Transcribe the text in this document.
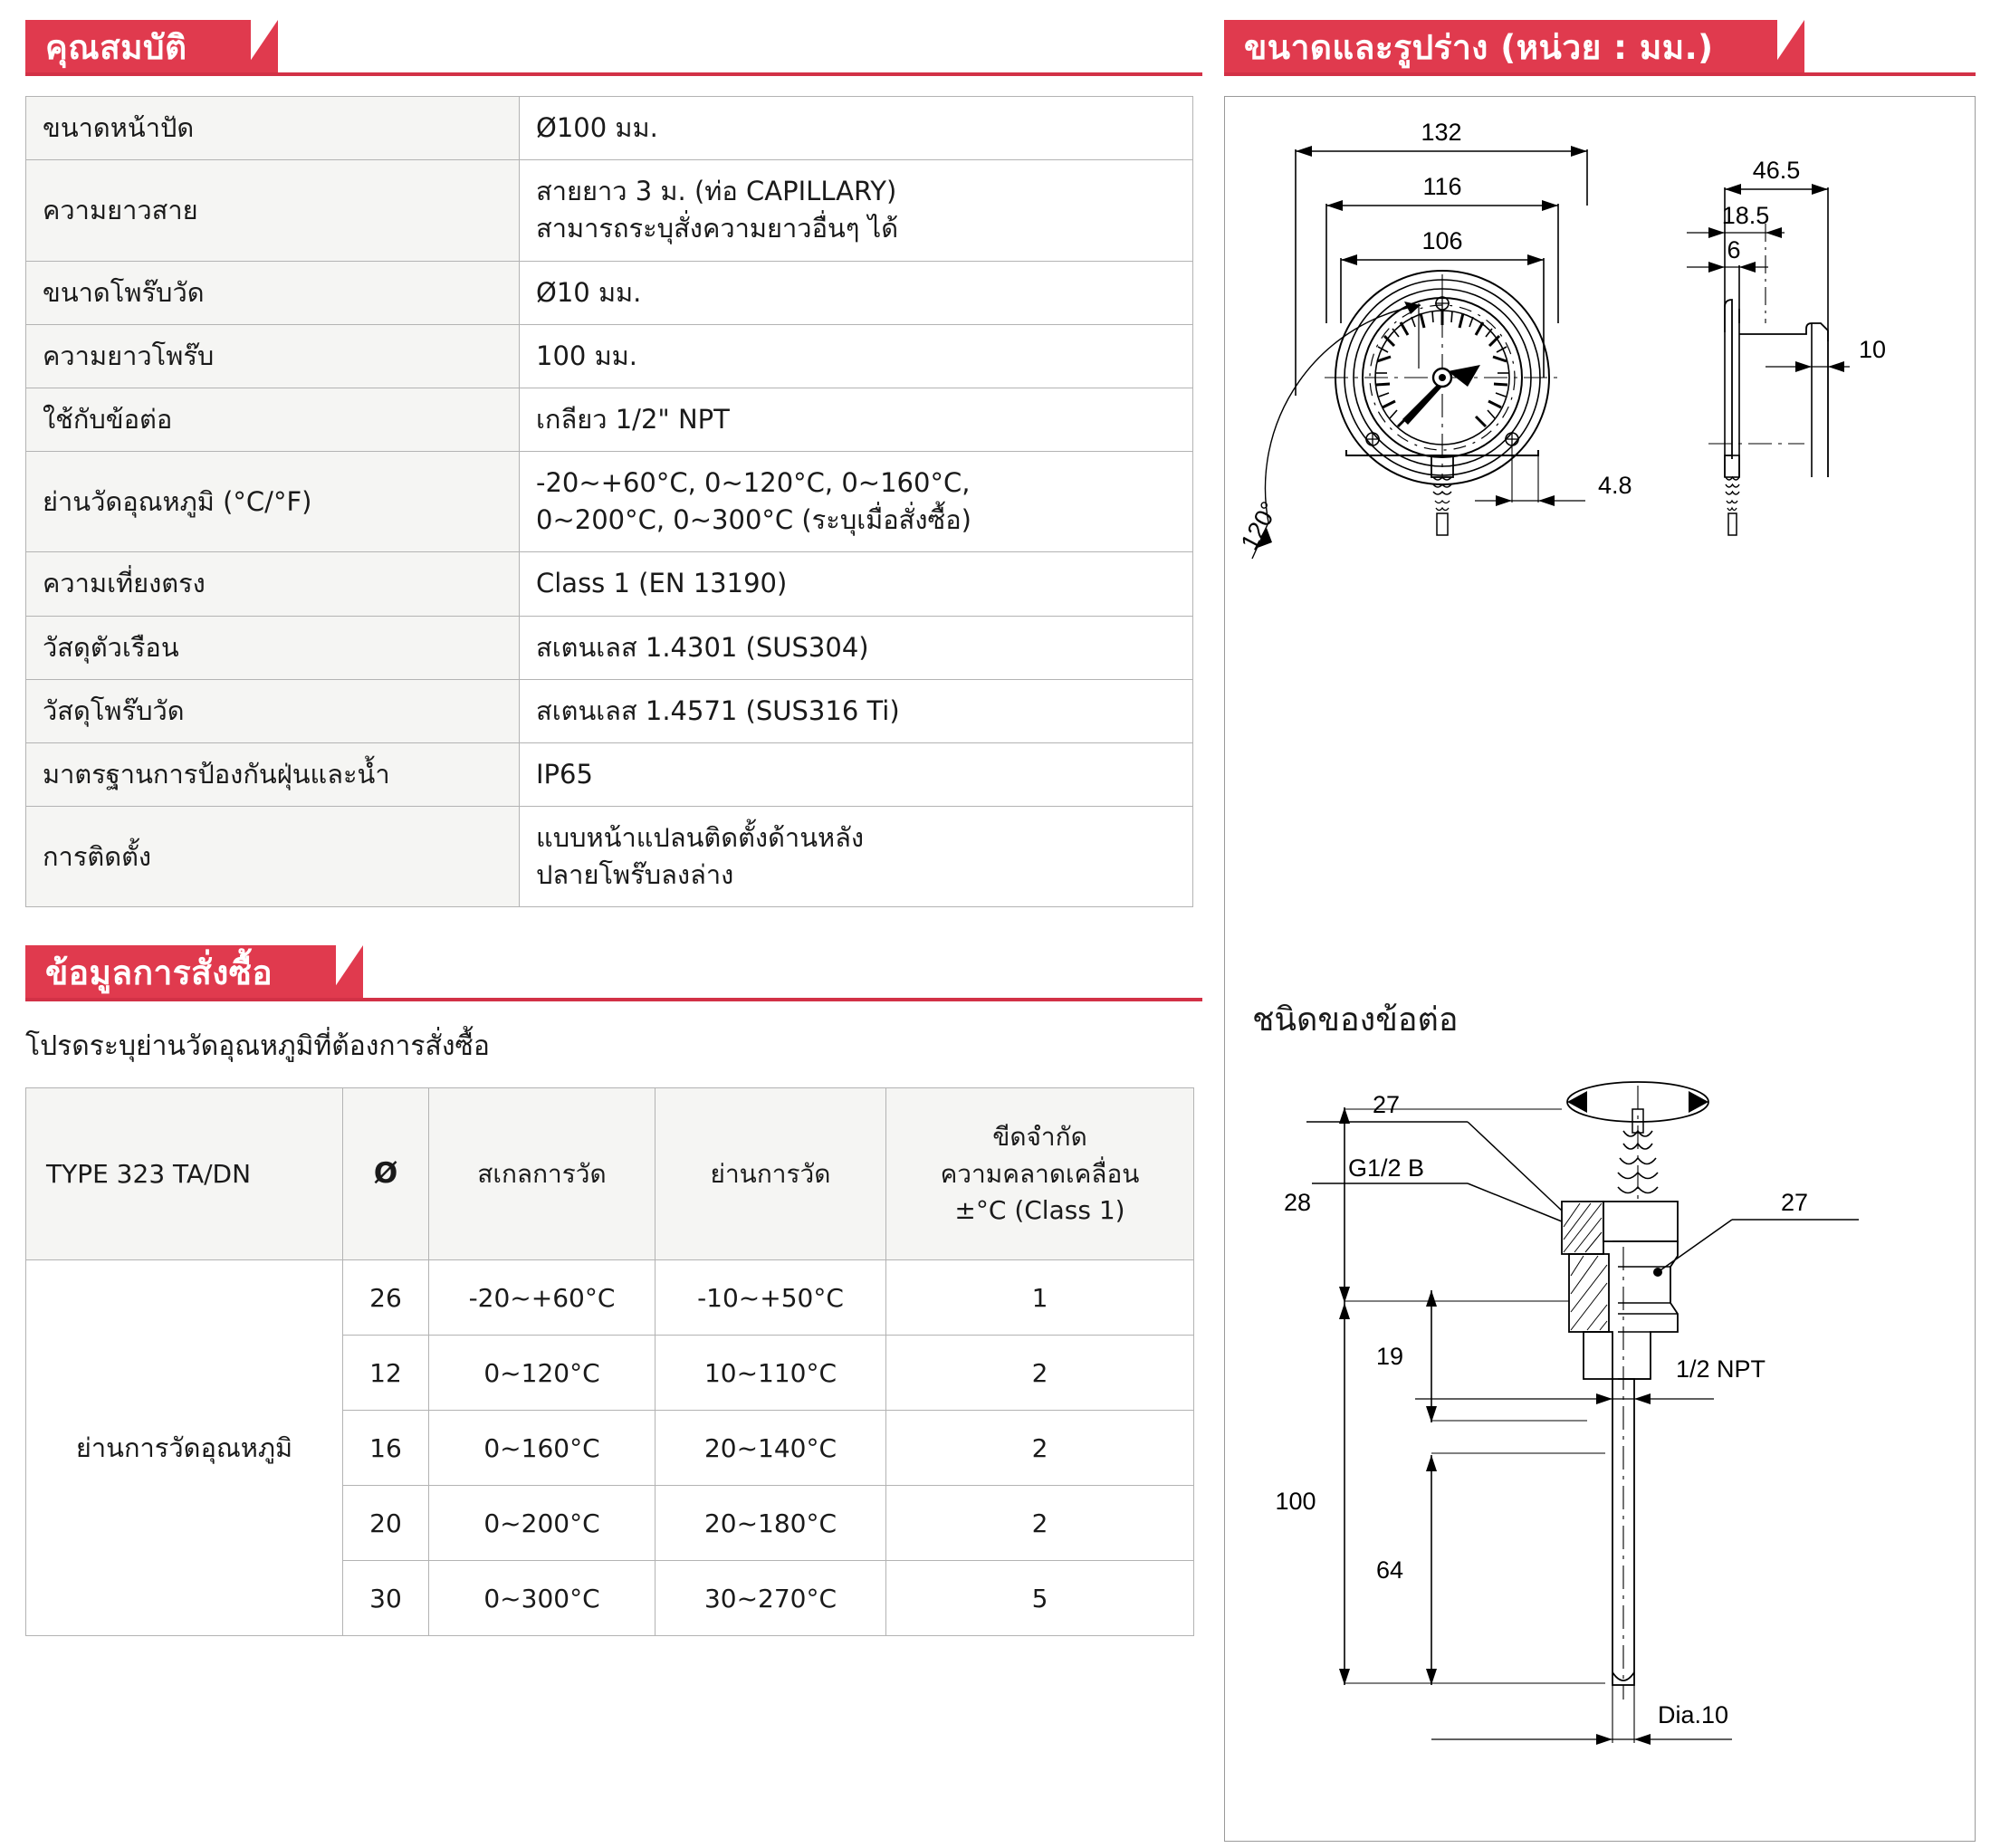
คุณสมบัติ
ขนาดหน้าปัด	Ø100 มม.

ความยาวสาย	สายยาว 3 ม. (ท่อ CAPILLARY)
สามารถระบุสั่งความยาวอื่นๆ ได้

ขนาดโพร๊บวัด	Ø10 มม.

ความยาวโพร๊บ	100 มม.

ใช้กับข้อต่อ	เกลียว 1/2" NPT

ย่านวัดอุณหภูมิ (°C/°F)	-20~+60°C, 0~120°C, 0~160°C,
0~200°C, 0~300°C (ระบุเมื่อสั่งซื้อ)

ความเที่ยงตรง	Class 1 (EN 13190)

วัสดุตัวเรือน	สเตนเลส 1.4301 (SUS304)

วัสดุโพร๊บวัด	สเตนเลส 1.4571 (SUS316 Ti)

มาตรฐานการป้องกันฝุ่นและน้ำ	IP65

การติดตั้ง	แบบหน้าแปลนติดตั้งด้านหลัง
ปลายโพร๊บลงล่าง
ข้อมูลการสั่งซื้อ
โปรดระบุย่านวัดอุณหภูมิที่ต้องการสั่งซื้อ
TYPE 323 TA/DN	Ø	สเกลการวัด	ย่านการวัด	ขีดจำกัด
ความคลาดเคลื่อน
±°C (Class 1)

ย่านการวัดอุณหภูมิ	26	-20~+60°C	-10~+50°C	1
	12	0~120°C	10~110°C	2
	16	0~160°C	20~140°C	2
	20	0~200°C	20~180°C	2
	30	0~300°C	30~270°C	5
ขนาดและรูปร่าง (หน่วย : มม.)
132
116
106
120°
4.8
46.5
18.5
6
10
ชนิดของข้อต่อ
27
G1/2 B
27
28
19
100
64
1/2 NPT
Dia.10
